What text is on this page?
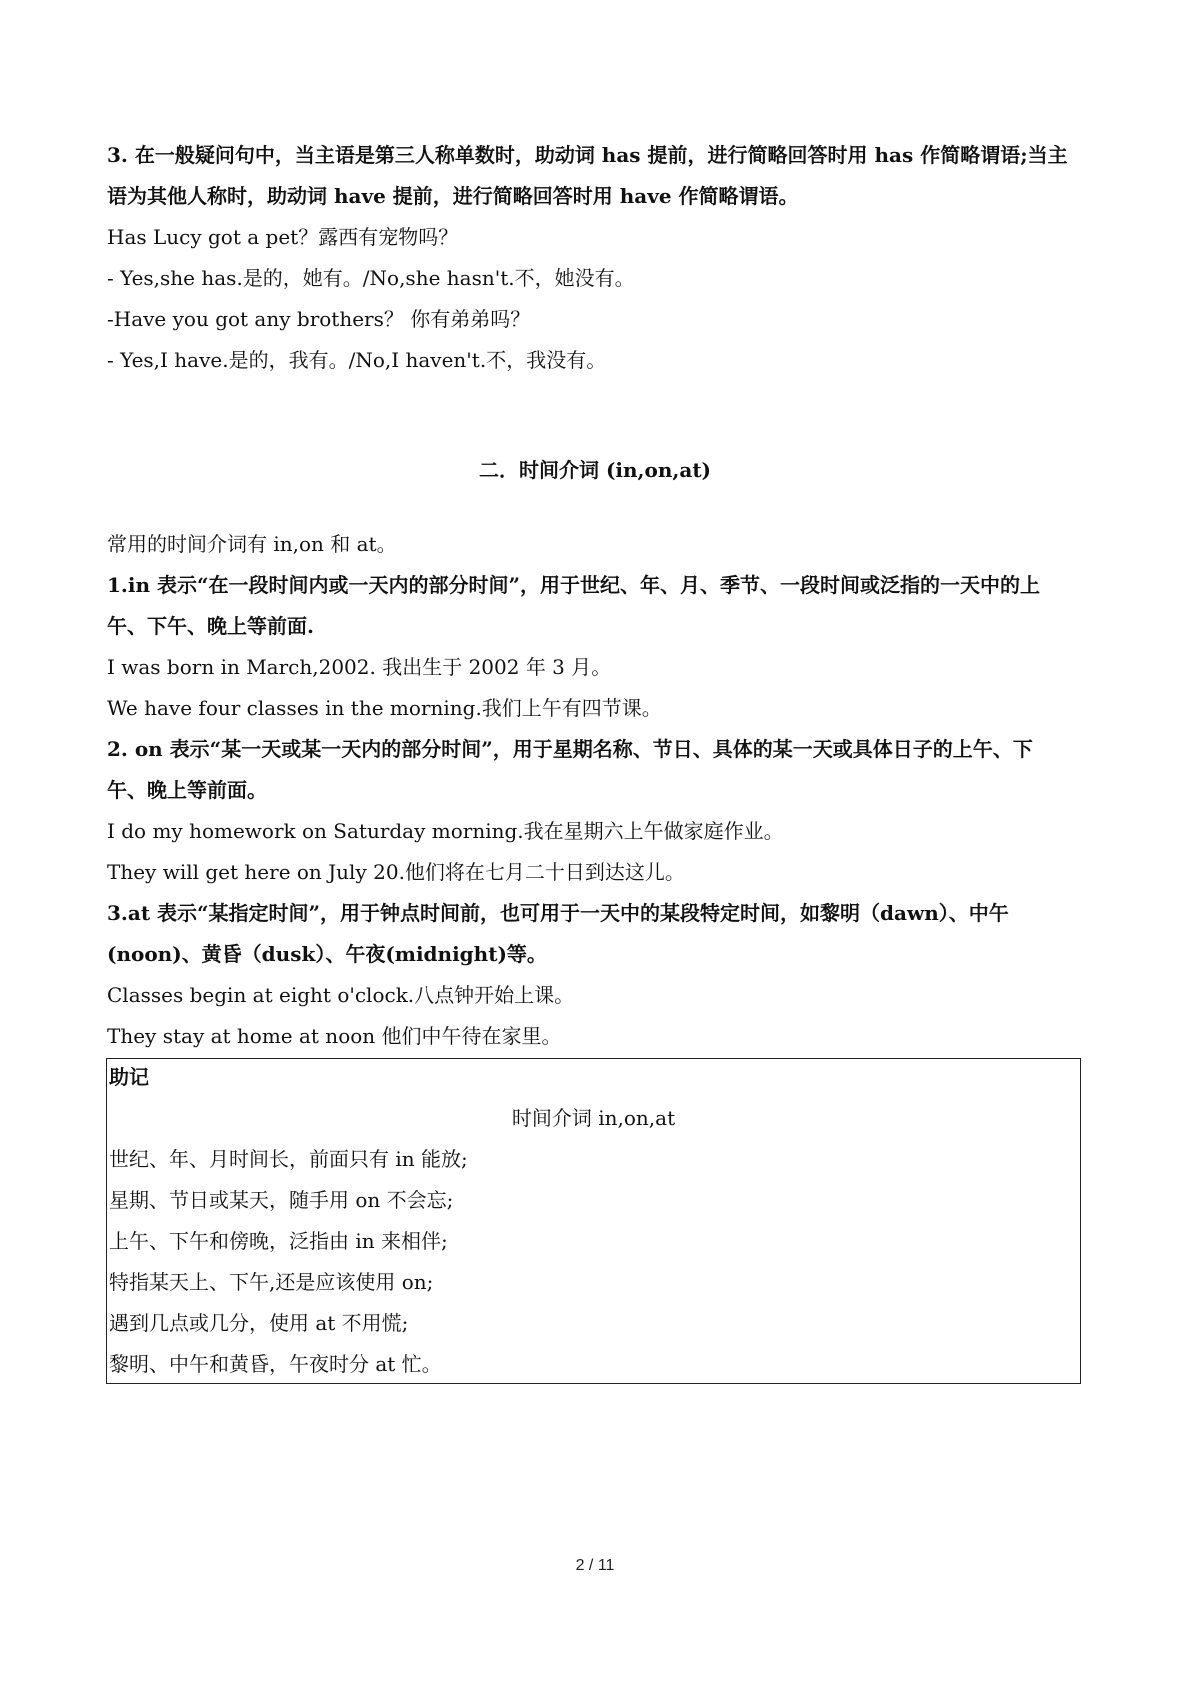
3. 在一般疑问句中，当主语是第三人称单数时，助动词 has 提前，进行简略回答时用 has 作简略谓语;当主
语为其他人称时，助动词 have 提前，进行简略回答时用 have 作简略谓语。
Has Lucy got a pet？露西有宠物吗？
- Yes,she has.是的，她有。/No,she hasn't.不，她没有。
-Have you got any brothers？ 你有弟弟吗？
- Yes,I have.是的，我有。/No,I haven't.不，我没有。
二．时间介词 (in,on,at)
常用的时间介词有 in,on 和 at。
1.in 表示“在一段时间内或一天内的部分时间”，用于世纪、年、月、季节、一段时间或泛指的一天中的上
午、下午、晚上等前面.
I was born in March,2002. 我出生于 2002 年 3 月。
We have four classes in the morning.我们上午有四节课。
2. on 表示“某一天或某一天内的部分时间”，用于星期名称、节日、具体的某一天或具体日子的上午、下
午、晚上等前面。
I do my homework on Saturday morning.我在星期六上午做家庭作业。
They will get here on July 20.他们将在七月二十日到达这儿。
3.at 表示“某指定时间”，用于钟点时间前，也可用于一天中的某段特定时间，如黎明（dawn）、中午
(noon)、黄昏（dusk）、午夜(midnight)等。
Classes begin at eight o'clock.八点钟开始上课。
They stay at home at noon 他们中午待在家里。
助记
时间介词 in,on,at
世纪、年、月时间长，前面只有 in 能放;
星期、节日或某天，随手用 on 不会忘;
上午、下午和傍晚，泛指由 in 来相伴;
特指某天上、下午,还是应该使用 on;
遇到几点或几分，使用 at 不用慌;
黎明、中午和黄昏，午夜时分 at 忙。
2 / 11
